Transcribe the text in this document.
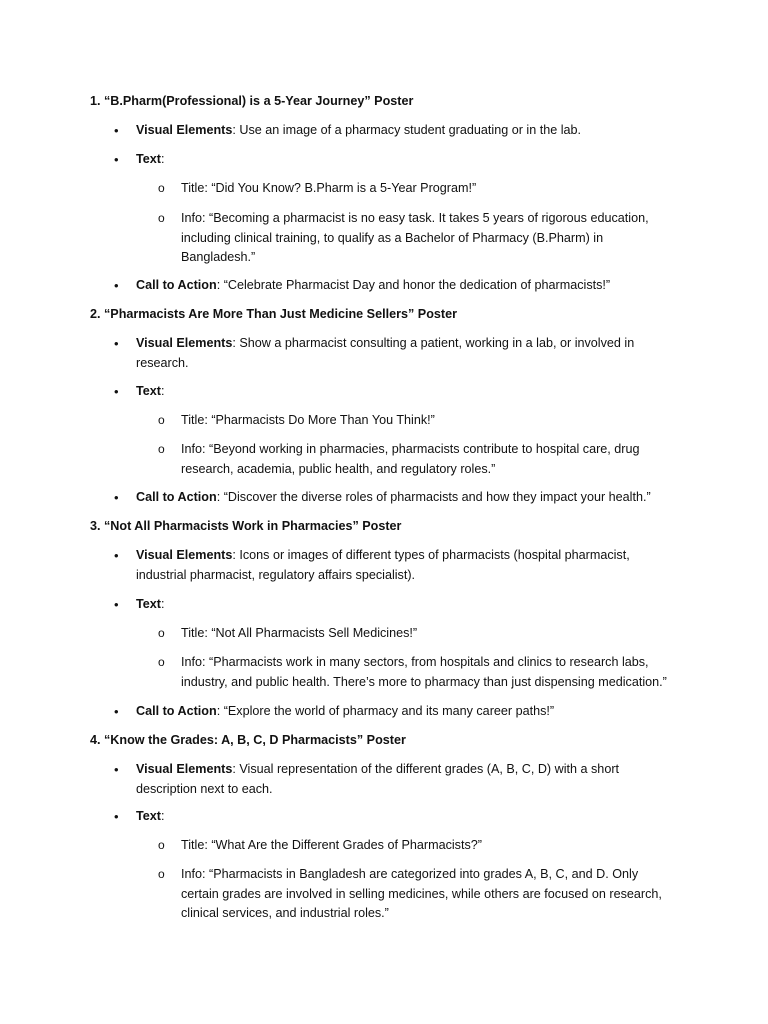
1. “B.Pharm(Professional) is a 5-Year Journey” Poster
•	Visual Elements: Use an image of a pharmacy student graduating or in the lab.
•	Text:
o Title: “Did You Know? B.Pharm is a 5-Year Program!”
o Info: “Becoming a pharmacist is no easy task. It takes 5 years of rigorous education, including clinical training, to qualify as a Bachelor of Pharmacy (B.Pharm) in Bangladesh.”
•	Call to Action: “Celebrate Pharmacist Day and honor the dedication of pharmacists!”
2. “Pharmacists Are More Than Just Medicine Sellers” Poster
•	Visual Elements: Show a pharmacist consulting a patient, working in a lab, or involved in research.
•	Text:
o Title: “Pharmacists Do More Than You Think!”
o Info: “Beyond working in pharmacies, pharmacists contribute to hospital care, drug research, academia, public health, and regulatory roles.”
•	Call to Action: “Discover the diverse roles of pharmacists and how they impact your health.”
3. “Not All Pharmacists Work in Pharmacies” Poster
•	Visual Elements: Icons or images of different types of pharmacists (hospital pharmacist, industrial pharmacist, regulatory affairs specialist).
•	Text:
o Title: “Not All Pharmacists Sell Medicines!”
o Info: “Pharmacists work in many sectors, from hospitals and clinics to research labs, industry, and public health. There’s more to pharmacy than just dispensing medication.”
•	Call to Action: “Explore the world of pharmacy and its many career paths!”
4. “Know the Grades: A, B, C, D Pharmacists” Poster
•	Visual Elements: Visual representation of the different grades (A, B, C, D) with a short description next to each.
•	Text:
o Title: “What Are the Different Grades of Pharmacists?”
o Info: “Pharmacists in Bangladesh are categorized into grades A, B, C, and D. Only certain grades are involved in selling medicines, while others are focused on research, clinical services, and industrial roles.”
